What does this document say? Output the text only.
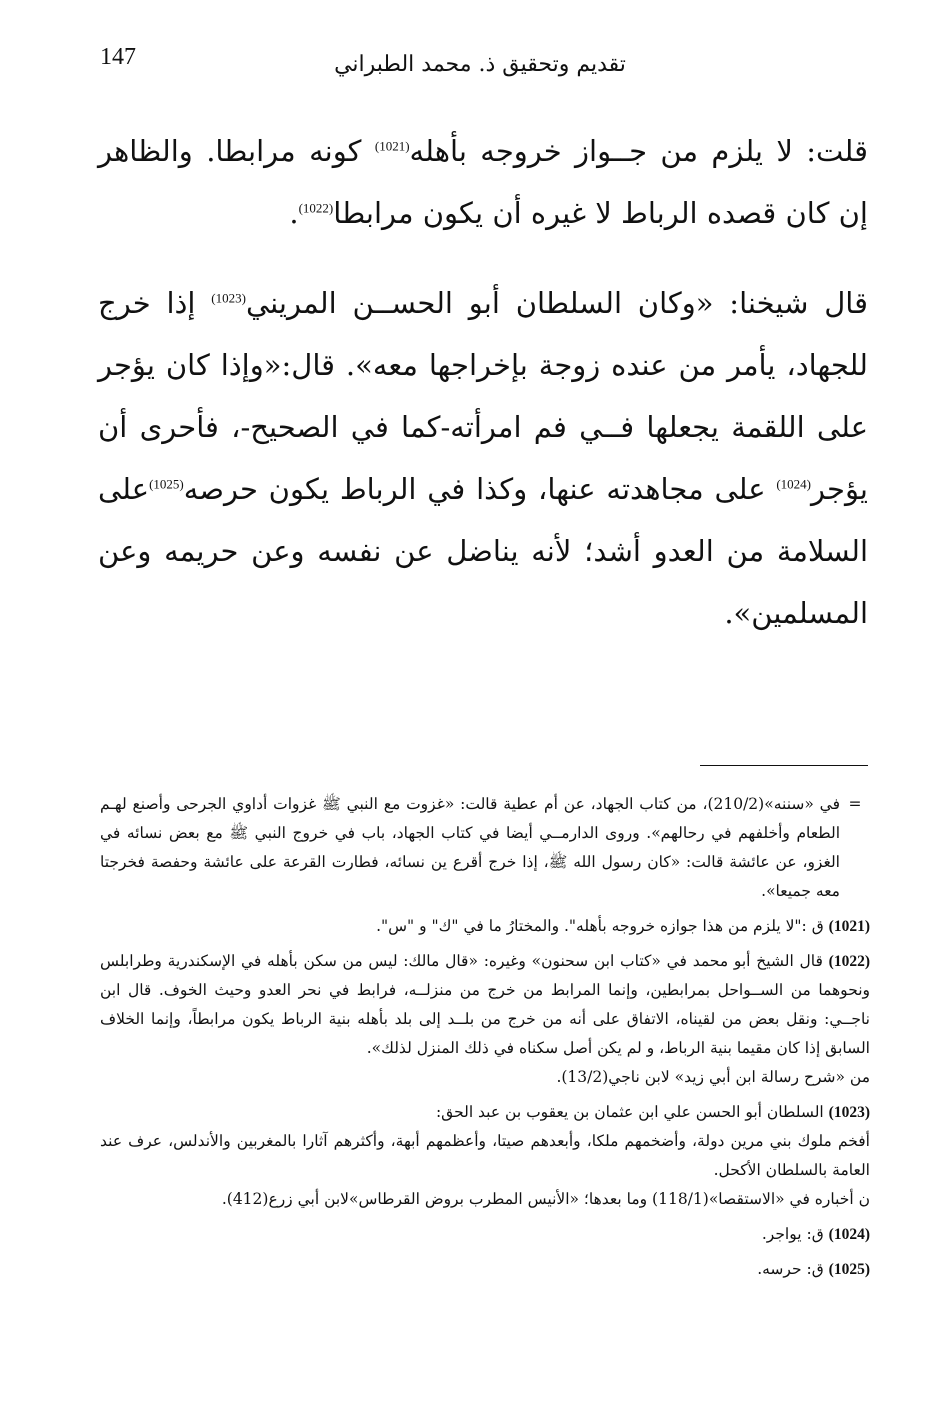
147	تقديم وتحقيق ذ. محمد الطبراني

قلت: لا يلزم من جــواز خروجه بأهله$^{(1021)}$ كونه مرابطا. والظاهر إن كان قصده الرباط لا غيره أن يكون مرابطا$^{(1022)}$.

قال شيخنا: «وكان السلطان أبو الحســن المريني$^{(1023)}$ إذا خرج للجهاد، يأمر من عنده زوجة بإخراجها معه». قال:«وإذا كان يؤجر على اللقمة يجعلها فــي فم امرأته-كما في الصحيح-، فأحرى أن يؤجر$^{(1024)}$ على مجاهدته عنها، وكذا في الرباط يكون حرصه$^{(1025)}$على السلامة من العدو أشد؛ لأنه يناضل عن نفسه وعن حريمه وعن المسلمين».

=في «سننه»(210/2)، من كتاب الجهاد، عن أم عطية قالت: «غزوت مع النبي ﷺ غزوات أداوي الجرحى وأصنع لهـم الطعام وأخلفهم في رحالهم». وروى الدارمــي أيضا في كتاب الجهاد، باب في خروج النبي ﷺ مع بعض نسائه في الغزو، عن عائشة قالت: «كان رسول الله ﷺ، إذا خرج أقرع ين نسائه، فطارت القرعة على عائشة وحفصة فخرجتا معه جميعا».
(1021) ق :"لا يلزم من هذا جوازه خروجه بأهله". والمختارُ ما في "ك" و "س".
(1022) قال الشيخ أبو محمد في «كتاب ابن سحنون» وغيره: «قال مالك: ليس من سكن بأهله في الإسكندرية وطرابلس ونحوهما من الســواحل بمرابطين، وإنما المرابط من خرج من منزلــه، فرابط في نحر العدو وحيث الخوف. قال ابن ناجــي: ونقل بعض من لقيناه، الاتفاق على أنه من خرج من بلــد إلى بلد بأهله بنية الرباط يكون مرابطاً، وإنما الخلاف السابق إذا كان مقيما بنية الرباط، و لم يكن أصل سكناه في ذلك المنزل لذلك».
من «شرح رسالة ابن أبي زيد» لابن ناجي(13/2).
(1023) السلطان أبو الحسن علي ابن عثمان بن يعقوب بن عبد الحق:
أفخم ملوك بني مرين دولة، وأضخمهم ملكا، وأبعدهم صيتا، وأعظمهم أبهة، وأكثرهم آثارا بالمغربين والأندلس، عرف عند العامة بالسلطان الأكحل.
ن أخباره في «الاستقصا»(118/1) وما بعدها؛ «الأنيس المطرب بروض القرطاس»لابن أبي زرع(412).
(1024) ق: يواجر.
(1025) ق: حرسه.
